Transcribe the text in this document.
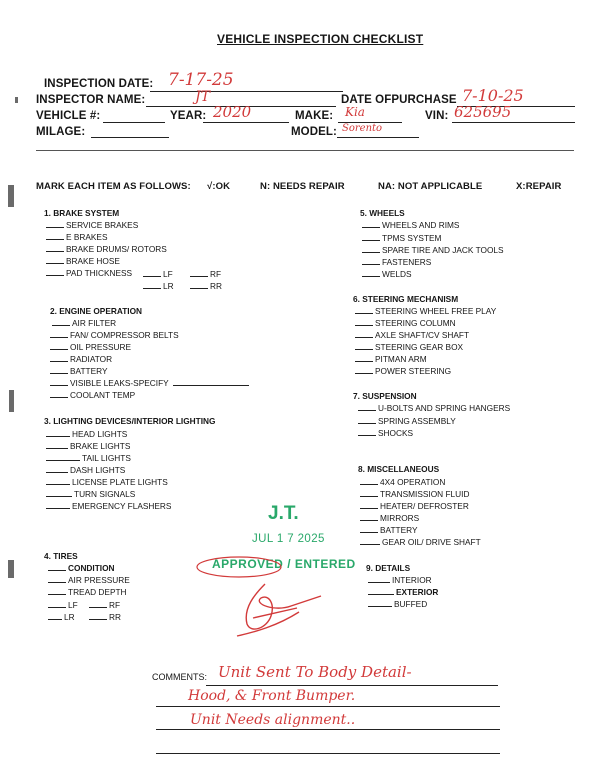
VEHICLE INSPECTION CHECKLIST
INSPECTION DATE: 7-17-25
INSPECTOR NAME:	JT	DATE OFPURCHASE 7-10-25
VEHICLE #:	YEAR: 2020	MAKE: Kia	VIN: 625695
MILAGE:	MODEL: Sorento
MARK EACH ITEM AS FOLLOWS: √:OK	N: NEEDS REPAIR	NA: NOT APPLICABLE	X:REPAIR
1. BRAKE SYSTEM
SERVICE BRAKES
E BRAKES
BRAKE DRUMS/ ROTORS
BRAKE HOSE
PAD THICKNESS	LF	RF
LR	RR
2. ENGINE OPERATION
AIR FILTER
FAN/ COMPRESSOR BELTS
OIL PRESSURE
RADIATOR
BATTERY
VISIBLE LEAKS-SPECIFY
COOLANT TEMP
3. LIGHTING DEVICES/INTERIOR LIGHTING
HEAD LIGHTS
BRAKE LIGHTS
TAIL LIGHTS
DASH LIGHTS
LICENSE PLATE LIGHTS
TURN SIGNALS
EMERGENCY FLASHERS
4. TIRES
CONDITION
AIR PRESSURE
TREAD DEPTH
LF	RF
LR	RR
5. WHEELS
WHEELS AND RIMS
TPMS SYSTEM
SPARE TIRE AND JACK TOOLS
FASTENERS
WELDS
6. STEERING MECHANISM
STEERING WHEEL FREE PLAY
STEERING COLUMN
AXLE SHAFT/CV SHAFT
STEERING GEAR BOX
PITMAN ARM
POWER STEERING
7. SUSPENSION
U-BOLTS AND SPRING HANGERS
SPRING ASSEMBLY
SHOCKS
8. MISCELLANEOUS
4X4 OPERATION
TRANSMISSION FLUID
HEATER/ DEFROSTER
MIRRORS
BATTERY
GEAR OIL/ DRIVE SHAFT
9. DETAILS
INTERIOR
EXTERIOR
BUFFED
J.T.
JUL 1 7 2025
APPROVED / ENTERED
COMMENTS: Unit Sent To Body Detail-
Hood, & Front Bumper.
Unit Needs alignment..
